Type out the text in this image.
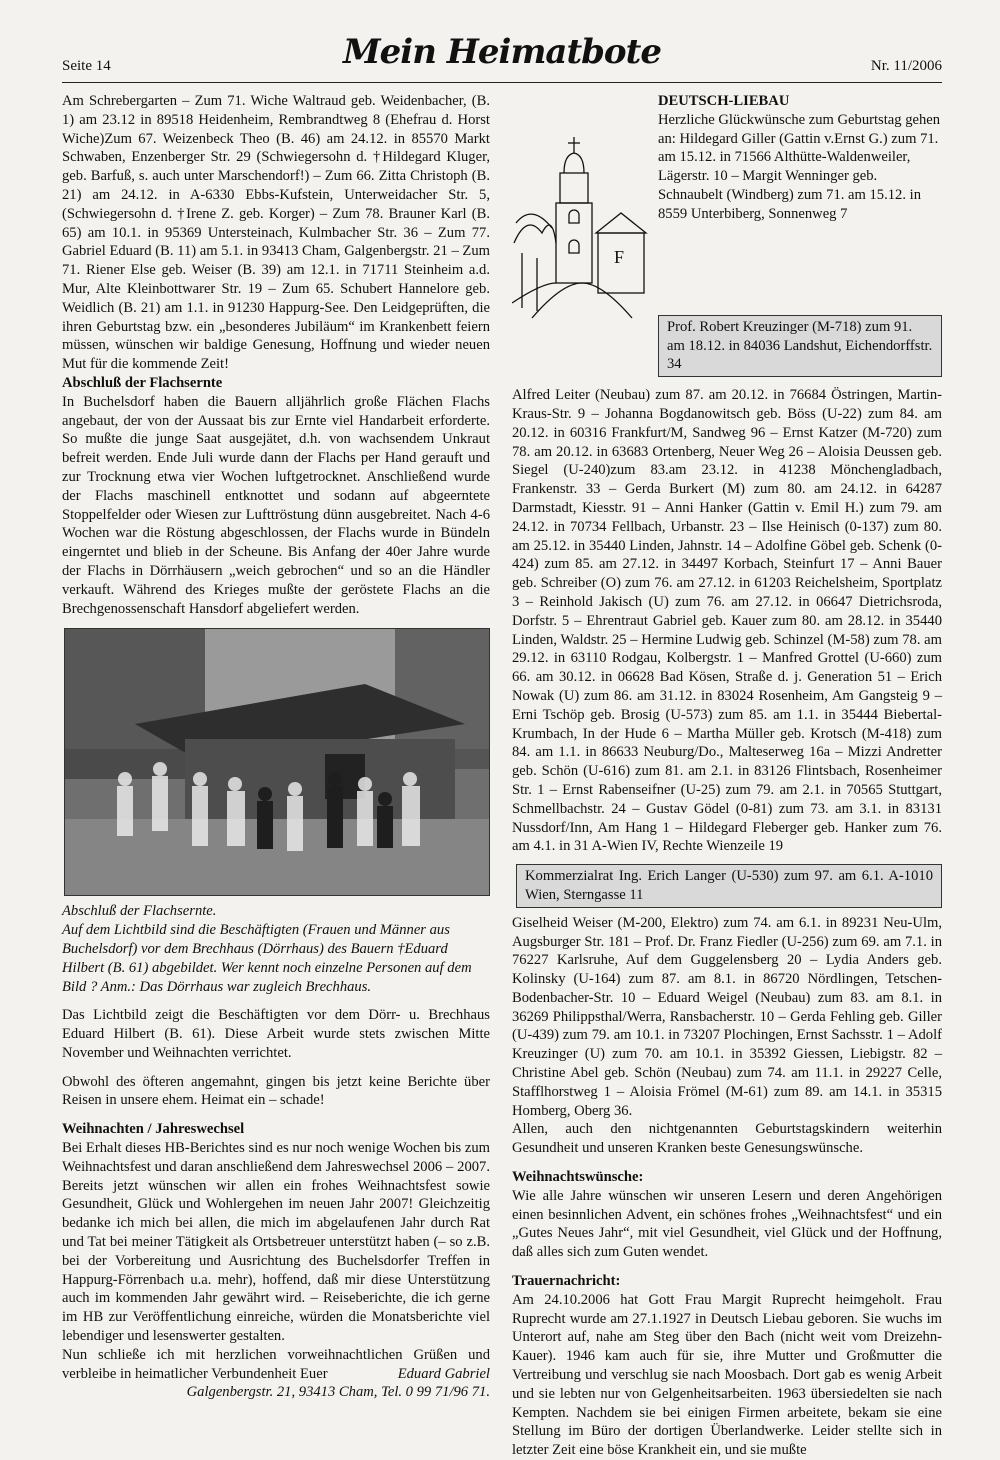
Seite 14	Mein Heimatbote	Nr. 11/2006

Am Schrebergarten – Zum 71. Wiche Waltraud geb. Weidenbacher, (B. 1) am 23.12 in 89518 Heidenheim, Rembrandtweg 8 (Ehefrau d. Horst Wiche)Zum 67. Weizenbeck Theo (B. 46) am 24.12. in 85570 Markt Schwaben, Enzenberger Str. 29 (Schwiegersohn d. †Hildegard Kluger, geb. Barfuß, s. auch unter Marschendorf!) – Zum 66. Zitta Christoph (B. 21) am 24.12. in A-6330 Ebbs-Kufstein, Unterweidacher Str. 5, (Schwiegersohn d. †Irene Z. geb. Korger) – Zum 78. Brauner Karl (B. 65) am 10.1. in 95369 Untersteinach, Kulmbacher Str. 36 – Zum 77. Gabriel Eduard (B. 11) am 5.1. in 93413 Cham, Galgenbergstr. 21 – Zum 71. Riener Else geb. Weiser (B. 39) am 12.1. in 71711 Steinheim a.d. Mur, Alte Kleinbottwarer Str. 19 – Zum 65. Schubert Hannelore geb. Weidlich (B. 21) am 1.1. in 91230 Happurg-See. Den Leidgeprüften, die ihren Geburtstag bzw. ein „besonderes Jubiläum“ im Krankenbett feiern müssen, wünschen wir baldige Genesung, Hoffnung und wieder neuen Mut für die kommende Zeit!

Abschluß der Flachsernte

In Buchelsdorf haben die Bauern alljährlich große Flächen Flachs angebaut, der von der Aussaat bis zur Ernte viel Handarbeit erforderte. So mußte die junge Saat ausgejätet, d.h. von wachsendem Unkraut befreit werden. Ende Juli wurde dann der Flachs per Hand gerauft und zur Trocknung etwa vier Wochen luftgetrocknet. Anschließend wurde der Flachs maschinell entknottet und sodann auf abgeerntete Stoppelfelder oder Wiesen zur Lufttröstung dünn ausgebreitet. Nach 4-6 Wochen war die Röstung abgeschlossen, der Flachs wurde in Bündeln eingerntet und blieb in der Scheune. Bis Anfang der 40er Jahre wurde der Flachs in Dörrhäusern „weich gebrochen“ und so an die Händler verkauft. Während des Krieges mußte der geröstete Flachs an die Brechgenossenschaft Hansdorf abgeliefert werden.

Abschluß der Flachsernte.

Auf dem Lichtbild sind die Beschäftigten (Frauen und Männer aus Buchelsdorf) vor dem Brechhaus (Dörrhaus) des Bauern †Eduard Hilbert (B. 61) abgebildet. Wer kennt noch einzelne Personen auf dem Bild ? Anm.: Das Dörrhaus war zugleich Brechhaus.

Das Lichtbild zeigt die Beschäftigten vor dem Dörr- u. Brechhaus Eduard Hilbert (B. 61). Diese Arbeit wurde stets zwischen Mitte November und Weihnachten verrichtet.

Obwohl des öfteren angemahnt, gingen bis jetzt keine Berichte über Reisen in unsere ehem. Heimat ein – schade!

Weihnachten / Jahreswechsel

Bei Erhalt dieses HB-Berichtes sind es nur noch wenige Wochen bis zum Weihnachtsfest und daran anschließend dem Jahreswechsel 2006 – 2007. Bereits jetzt wünschen wir allen ein frohes Weihnachtsfest sowie Gesundheit, Glück und Wohlergehen im neuen Jahr 2007! Gleichzeitig bedanke ich mich bei allen, die mich im abgelaufenen Jahr durch Rat und Tat bei meiner Tätigkeit als Ortsbetreuer unterstützt haben (– so z.B. bei der Vorbereitung und Ausrichtung des Buchelsdorfer Treffen in Happurg-Förrenbach u.a. mehr), hoffend, daß mir diese Unterstützung auch im kommenden Jahr gewährt wird. – Reiseberichte, die ich gerne im HB zur Veröffentlichung einreiche, würden die Monatsberichte viel lebendiger und lesenswerter gestalten.

Nun schließe ich mit herzlichen vorweihnachtlichen Grüßen und verbleibe in heimatlicher Verbundenheit Euer	Eduard Gabriel

Galgenbergstr. 21, 93413 Cham, Tel. 0 99 71/96 71.

DEUTSCH-LIEBAU

F

Herzliche Glückwünsche zum Geburtstag gehen an: Hildegard Giller (Gattin v.Ernst G.) zum 71. am 15.12. in 71566 Althütte-Waldenweiler, Lägerstr. 10 – Margit Wenninger geb. Schnaubelt (Windberg) zum 71. am 15.12. in 8559 Unterbiberg, Sonnenweg 7

Prof. Robert Kreuzinger (M-718) zum 91. am 18.12. in 84036 Landshut, Eichendorffstr. 34

Alfred Leiter (Neubau) zum 87. am 20.12. in 76684 Östringen, Martin-Kraus-Str. 9 – Johanna Bogdanowitsch geb. Böss (U-22) zum 84. am 20.12. in 60316 Frankfurt/M, Sandweg 96 – Ernst Katzer (M-720) zum 78. am 20.12. in 63683 Ortenberg, Neuer Weg 26 – Aloisia Deussen geb. Siegel (U-240)zum 83.am 23.12. in 41238 Mönchengladbach, Frankenstr. 33 – Gerda Burkert (M) zum 80. am 24.12. in 64287 Darmstadt, Kiesstr. 91 – Anni Hanker (Gattin v. Emil H.) zum 79. am 24.12. in 70734 Fellbach, Urbanstr. 23 – Ilse Heinisch (0-137) zum 80. am 25.12. in 35440 Linden, Jahnstr. 14 – Adolfine Göbel geb. Schenk (0-424) zum 85. am 27.12. in 34497 Korbach, Steinfurt 17 – Anni Bauer geb. Schreiber (O) zum 76. am 27.12. in 61203 Reichelsheim, Sportplatz 3 – Reinhold Jakisch (U) zum 76. am 27.12. in 06647 Dietrichsroda, Dorfstr. 5 – Ehrentraut Gabriel geb. Kauer zum 80. am 28.12. in 35440 Linden, Waldstr. 25 – Hermine Ludwig geb. Schinzel (M-58) zum 78. am 29.12. in 63110 Rodgau, Kolbergstr. 1 – Manfred Grottel (U-660) zum 66. am 30.12. in 06628 Bad Kösen, Straße d. j. Generation 51 – Erich Nowak (U) zum 86. am 31.12. in 83024 Rosenheim, Am Gangsteig 9 – Erni Tschöp geb. Brosig (U-573) zum 85. am 1.1. in 35444 Biebertal-Krumbach, In der Hude 6 – Martha Müller geb. Krotsch (M-418) zum 84. am 1.1. in 86633 Neuburg/Do., Malteserweg 16a – Mizzi Andretter geb. Schön (U-616) zum 81. am 2.1. in 83126 Flintsbach, Rosenheimer Str. 1 – Ernst Rabenseifner (U-25) zum 79. am 2.1. in 70565 Stuttgart, Schmellbachstr. 24 – Gustav Gödel (0-81) zum 73. am 3.1. in 83131 Nussdorf/Inn, Am Hang 1 – Hildegard Fleberger geb. Hanker zum 76. am 4.1. in 31 A-Wien IV, Rechte Wienzeile 19

Kommerzialrat Ing. Erich Langer (U-530) zum 97. am 6.1. A-1010 Wien, Sterngasse 11

Giselheid Weiser (M-200, Elektro) zum 74. am 6.1. in 89231 Neu-Ulm, Augsburger Str. 181 – Prof. Dr. Franz Fiedler (U-256) zum 69. am 7.1. in 76227 Karlsruhe, Auf dem Guggelensberg 20 – Lydia Anders geb. Kolinsky (U-164) zum 87. am 8.1. in 86720 Nördlingen, Tetschen-Bodenbacher-Str. 10 – Eduard Weigel (Neubau) zum 83. am 8.1. in 36269 Philippsthal/Werra, Ransbacherstr. 10 – Gerda Fehling geb. Giller (U-439) zum 79. am 10.1. in 73207 Plochingen, Ernst Sachsstr. 1 – Adolf Kreuzinger (U) zum 70. am 10.1. in 35392 Giessen, Liebigstr. 82 – Christine Abel geb. Schön (Neubau) zum 74. am 11.1. in 29227 Celle, Stafflhorstweg 1 – Aloisia Frömel (M-61) zum 89. am 14.1. in 35315 Homberg, Oberg 36.

Allen, auch den nichtgenannten Geburtstagskindern weiterhin Gesundheit und unseren Kranken beste Genesungswünsche.

Weihnachtswünsche:

Wie alle Jahre wünschen wir unseren Lesern und deren Angehörigen einen besinnlichen Advent, ein schönes frohes „Weihnachtsfest“ und ein „Gutes Neues Jahr“, mit viel Gesundheit, viel Glück und der Hoffnung, daß alles sich zum Guten wendet.

Trauernachricht:

Am 24.10.2006 hat Gott Frau Margit Ruprecht heimgeholt. Frau Ruprecht wurde am 27.1.1927 in Deutsch Liebau geboren. Sie wuchs im Unterort auf, nahe am Steg über den Bach (nicht weit vom Dreizehn-Kauer). 1946 kam auch für sie, ihre Mutter und Großmutter die Vertreibung und verschlug sie nach Moosbach. Dort gab es wenig Arbeit und sie lebten nur von Gelgenheitsarbeiten. 1963 übersiedelten sie nach Kempten. Nachdem sie bei einigen Firmen arbeitete, bekam sie eine Stellung im Büro der dortigen Überlandwerke. Leider stellte sich in letzter Zeit eine böse Krankheit ein, und sie mußte
